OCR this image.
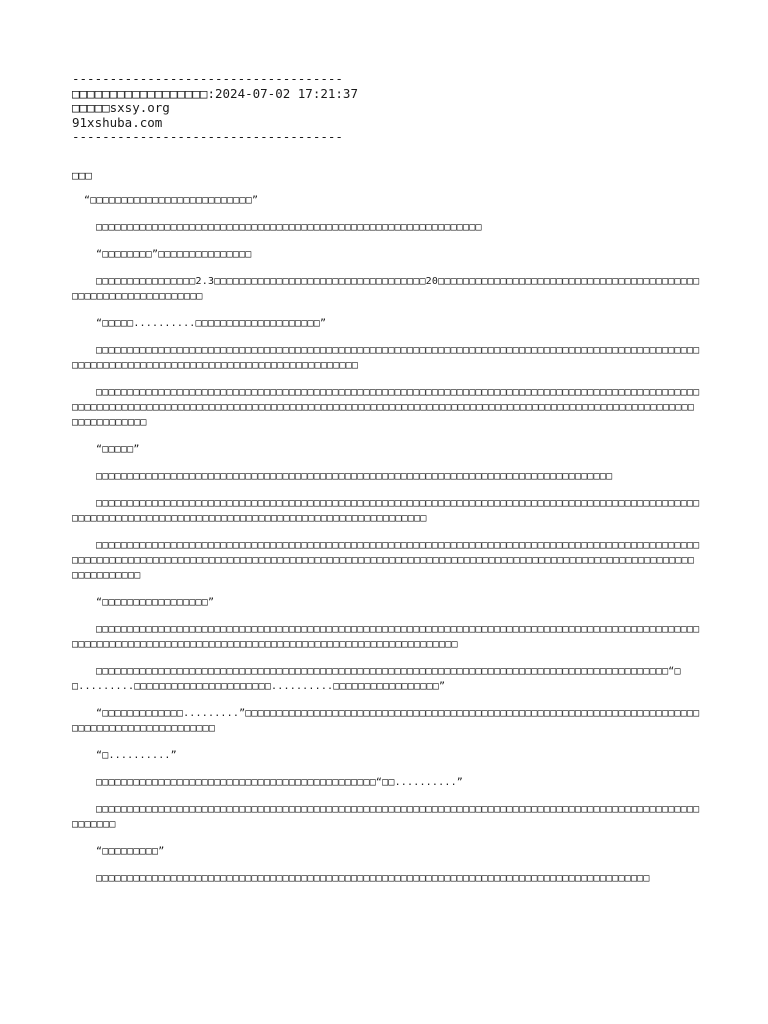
------------------------------------

□□□□□□□□□□□□□□□□□□:2024-07-02 17:21:37

□□□□□sxsy.org

91xshuba.com

------------------------------------

□□□

“□□□□□□□□□□□□□□□□□□□□□□□□□□”

□□□□□□□□□□□□□□□□□□□□□□□□□□□□□□□□□□□□□□□□□□□□□□□□□□□□□□□□□□□□□□

“□□□□□□□□”□□□□□□□□□□□□□□□

□□□□□□□□□□□□□□□□2.3□□□□□□□□□□□□□□□□□□□□□□□□□□□□□□□□□□20□□□□□□□□□□□□□□□□□□□□□□□□□□□□□□□□□□□□□□□□□□□□□□□□□□□□□□□□□□□□□□□

“□□□□□..........□□□□□□□□□□□□□□□□□□□□”

□□□□□□□□□□□□□□□□□□□□□□□□□□□□□□□□□□□□□□□□□□□□□□□□□□□□□□□□□□□□□□□□□□□□□□□□□□□□□□□□□□□□□□□□□□□□□□□□□□□□□□□□□□□□□□□□□□□□□□□□□□□□□□□□□□□□□□□□□□□□□□□

□□□□□□□□□□□□□□□□□□□□□□□□□□□□□□□□□□□□□□□□□□□□□□□□□□□□□□□□□□□□□□□□□□□□□□□□□□□□□□□□□□□□□□□□□□□□□□□□□□□□□□□□□□□□□□□□□□□□□□□□□□□□□□□□□□□□□□□□□□□□□□□□□□□□□□□□□□□□□□□□□□□□□□□□□□□□□□□□□□□□□□□□□□□□□□□□□□□□□□□□□□□□□□□□□

“□□□□□”

□□□□□□□□□□□□□□□□□□□□□□□□□□□□□□□□□□□□□□□□□□□□□□□□□□□□□□□□□□□□□□□□□□□□□□□□□□□□□□□□□□□

□□□□□□□□□□□□□□□□□□□□□□□□□□□□□□□□□□□□□□□□□□□□□□□□□□□□□□□□□□□□□□□□□□□□□□□□□□□□□□□□□□□□□□□□□□□□□□□□□□□□□□□□□□□□□□□□□□□□□□□□□□□□□□□□□□□□□□□□□□□□□□□□□□□□□□□□□□

□□□□□□□□□□□□□□□□□□□□□□□□□□□□□□□□□□□□□□□□□□□□□□□□□□□□□□□□□□□□□□□□□□□□□□□□□□□□□□□□□□□□□□□□□□□□□□□□□□□□□□□□□□□□□□□□□□□□□□□□□□□□□□□□□□□□□□□□□□□□□□□□□□□□□□□□□□□□□□□□□□□□□□□□□□□□□□□□□□□□□□□□□□□□□□□□□□□□□□□□□□□□□□□□

“□□□□□□□□□□□□□□□□□”

□□□□□□□□□□□□□□□□□□□□□□□□□□□□□□□□□□□□□□□□□□□□□□□□□□□□□□□□□□□□□□□□□□□□□□□□□□□□□□□□□□□□□□□□□□□□□□□□□□□□□□□□□□□□□□□□□□□□□□□□□□□□□□□□□□□□□□□□□□□□□□□□□□□□□□□□□□□□□□□

□□□□□□□□□□□□□□□□□□□□□□□□□□□□□□□□□□□□□□□□□□□□□□□□□□□□□□□□□□□□□□□□□□□□□□□□□□□□□□□□□□□□□□□□□□□□“□□.........□□□□□□□□□□□□□□□□□□□□□□..........□□□□□□□□□□□□□□□□□”

“□□□□□□□□□□□□□.........”□□□□□□□□□□□□□□□□□□□□□□□□□□□□□□□□□□□□□□□□□□□□□□□□□□□□□□□□□□□□□□□□□□□□□□□□□□□□□□□□□□□□□□□□□□□□□□□□

“□..........”

□□□□□□□□□□□□□□□□□□□□□□□□□□□□□□□□□□□□□□□□□□□□□“□□..........”

□□□□□□□□□□□□□□□□□□□□□□□□□□□□□□□□□□□□□□□□□□□□□□□□□□□□□□□□□□□□□□□□□□□□□□□□□□□□□□□□□□□□□□□□□□□□□□□□□□□□□□□□

“□□□□□□□□□”

□□□□□□□□□□□□□□□□□□□□□□□□□□□□□□□□□□□□□□□□□□□□□□□□□□□□□□□□□□□□□□□□□□□□□□□□□□□□□□□□□□□□□□□□□
